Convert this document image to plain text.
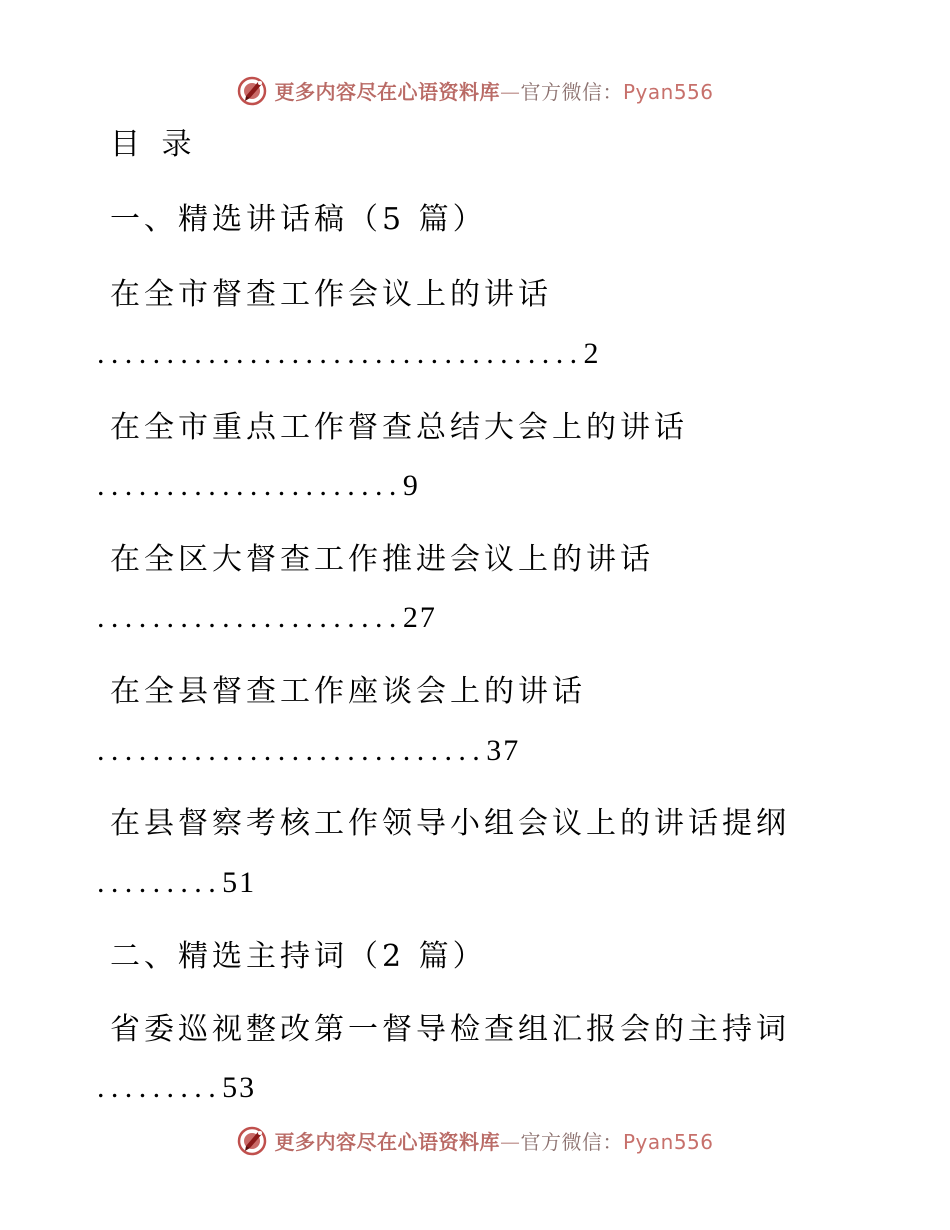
更多内容尽在心语资料库—官方微信：Pyan556
目 录
一、精选讲话稿（5 篇）
在全市督查工作会议上的讲话
...................................2
在全市重点工作督查总结大会上的讲话
......................9
在全区大督查工作推进会议上的讲话
......................27
在全县督查工作座谈会上的讲话
............................37
在县督察考核工作领导小组会议上的讲话提纲
.........51
二、精选主持词（2 篇）
省委巡视整改第一督导检查组汇报会的主持词
.........53
更多内容尽在心语资料库—官方微信：Pyan556
